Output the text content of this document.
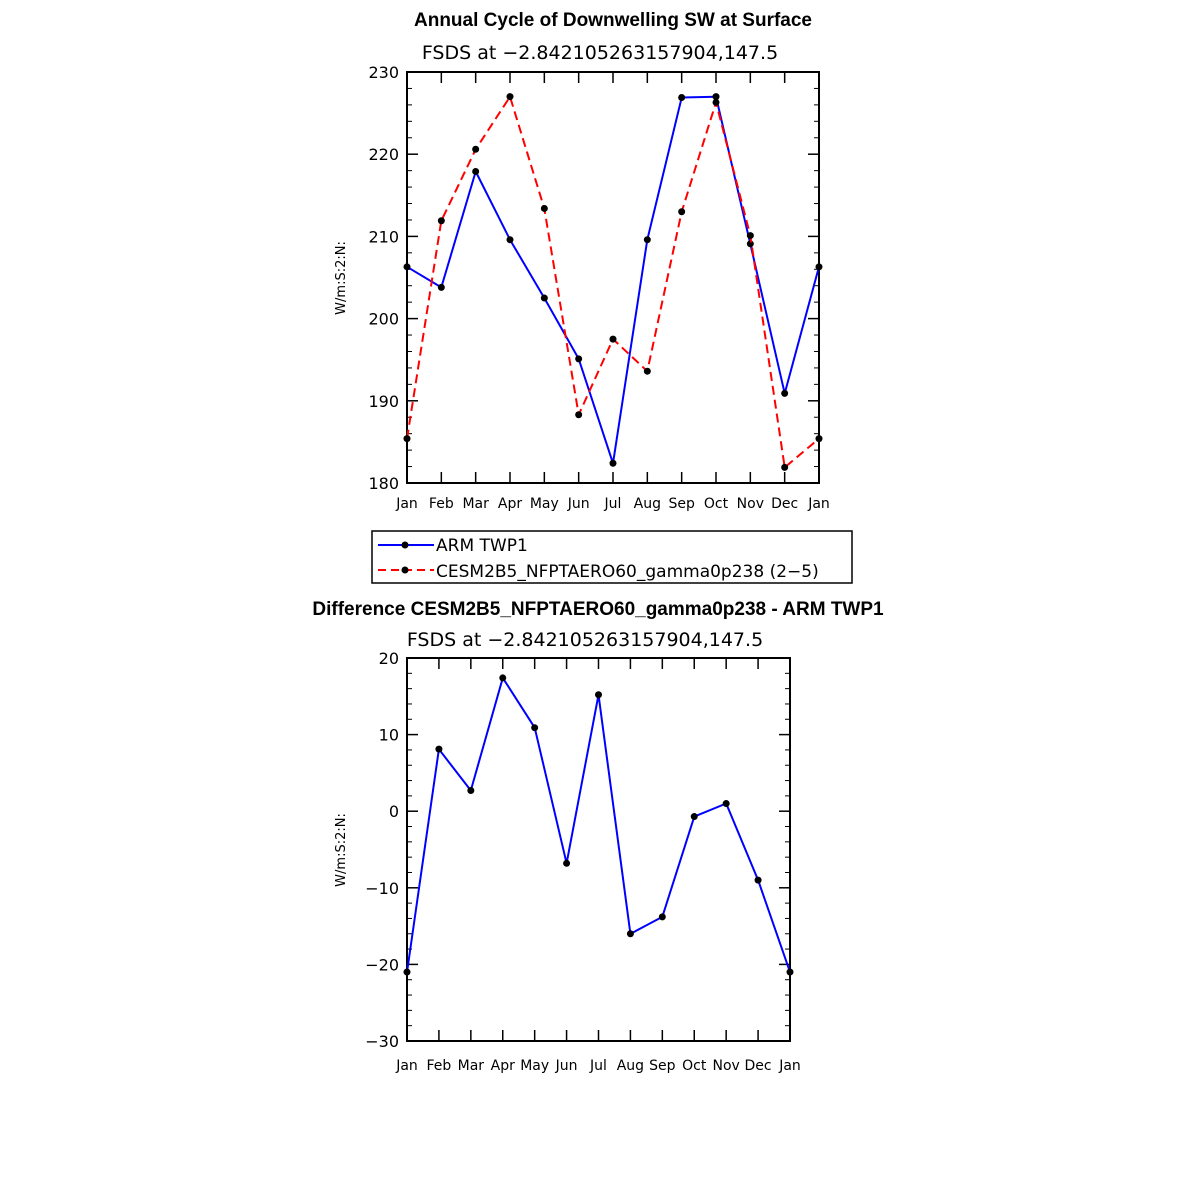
Annual Cycle of Downwelling SW at Surface
FSDS at −2.842105263157904,147.5
W/m:S:2:N:
180
190
200
210
220
230
Jan Feb Mar Apr May Jun Jul Aug Sep Oct Nov Dec Jan
ARM TWP1
CESM2B5_NFPTAERO60_gamma0p238 (2−5)
Difference CESM2B5_NFPTAERO60_gamma0p238 - ARM TWP1
FSDS at −2.842105263157904,147.5
W/m:S:2:N:
−30
−20
−10
0
10
20
Jan Feb Mar Apr May Jun Jul Aug Sep Oct Nov Dec Jan
